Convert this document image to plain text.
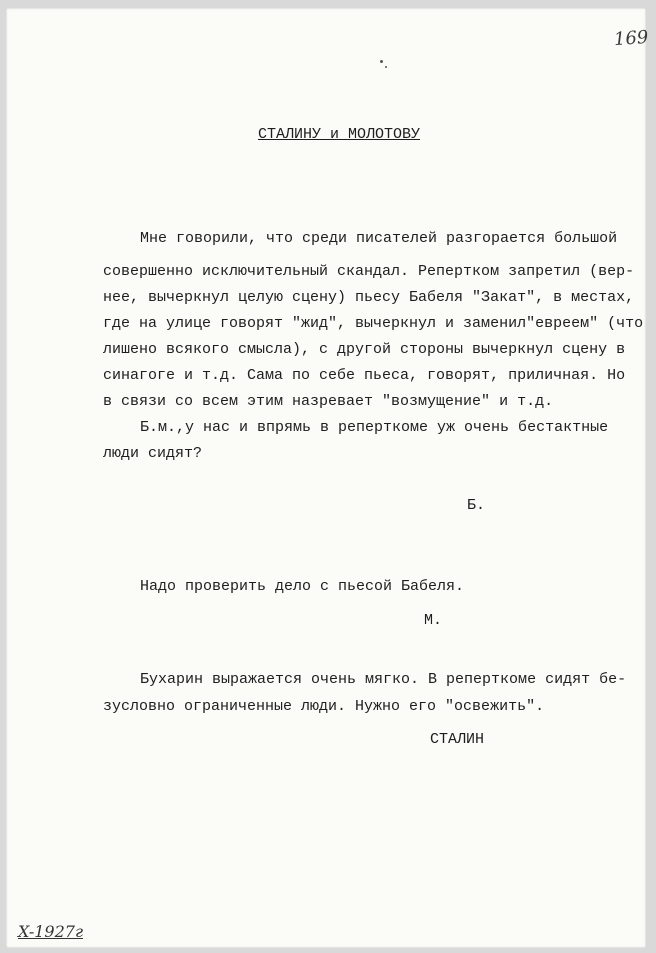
169
СТАЛИНУ и МОЛОТОВУ
Мне говорили, что среди писателей разгорается большой
совершенно исключительный скандал. Репертком запретил (вер-
нее, вычеркнул целую сцену) пьесу Бабеля "Закат", в местах,
где на улице говорят "жид", вычеркнул и заменил"евреем" (что
лишено всякого смысла), с другой стороны вычеркнул сцену в
синагоге и т.д. Сама по себе пьеса, говорят, приличная. Но
в связи со всем этим назревает "возмущение" и т.д.
Б.м.,у нас и впрямь в реперткоме уж очень бестактные
люди сидят?
Б.
Надо проверить дело с пьесой Бабеля.
М.
Бухарин выражается очень мягко. В реперткоме сидят бе-
зусловно ограниченные люди. Нужно его "освежить".
СТАЛИН
X-1927г
